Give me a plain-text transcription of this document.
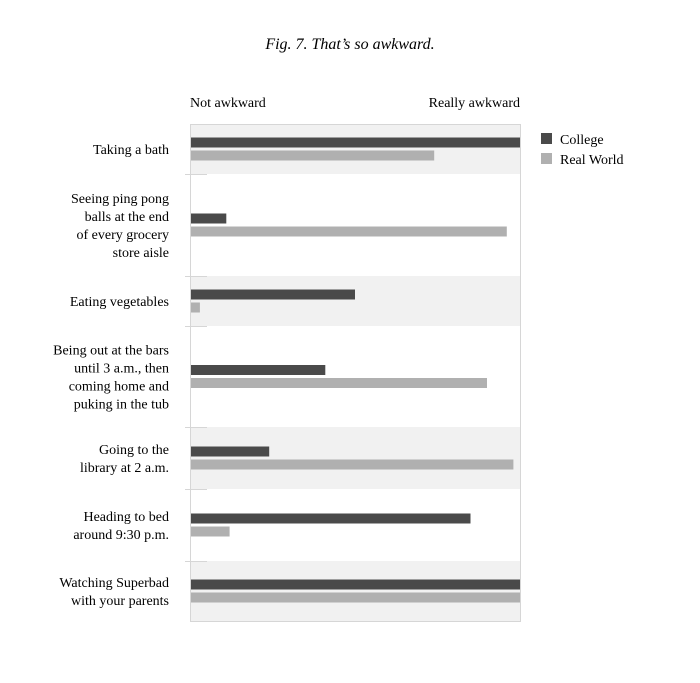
Fig. 7. That’s so awkward.
Not awkward	Really awkward
Taking a bath
Seeing ping pong
balls at the end
of every grocery
store aisle
Eating vegetables
Being out at the bars
until 3 a.m., then
coming home and
puking in the tub
Going to the
library at 2 a.m.
Heading to bed
around 9:30 p.m.
Watching Superbad
with your parents
College
Real World
